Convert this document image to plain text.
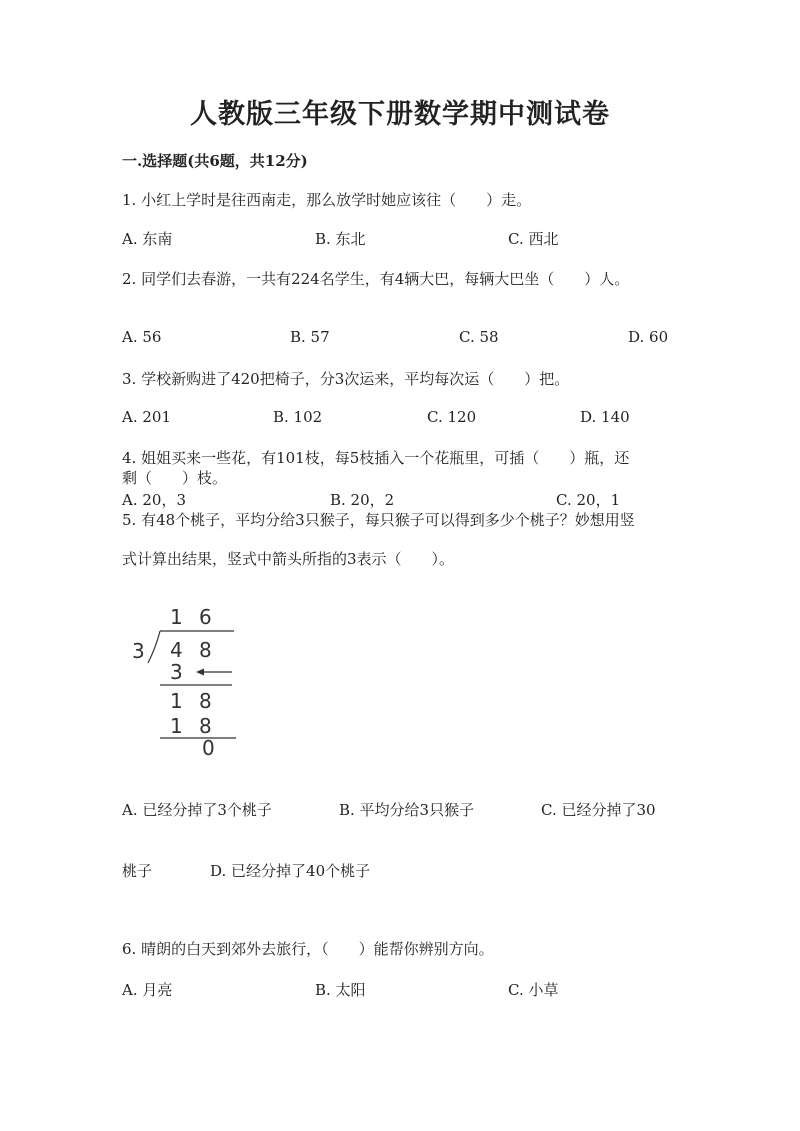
人教版三年级下册数学期中测试卷
一.选择题(共6题，共12分)
1. 小红上学时是往西南走，那么放学时她应该往（　　）走。
A. 东南	B. 东北	C. 西北
2. 同学们去春游，一共有224名学生，有4辆大巴，每辆大巴坐（　　）人。
A. 56	B. 57	C. 58	D. 60
3. 学校新购进了420把椅子，分3次运来，平均每次运（　　）把。
A. 201	B. 102	C. 120	D. 140
4. 姐姐买来一些花，有101枝，每5枝插入一个花瓶里，可插（　　）瓶，还
剩（　　）枝。
A. 20，3	B. 20，2	C. 20，1
5. 有48个桃子，平均分给3只猴子，每只猴子可以得到多少个桃子？妙想用竖
式计算出结果，竖式中箭头所指的3表示（　　）。
1 6
3 4 8
3
1 8
1 8
0
A. 已经分掉了3个桃子	B. 平均分给3只猴子	C. 已经分掉了30
桃子	D. 已经分掉了40个桃子
6. 晴朗的白天到郊外去旅行，（　　）能帮你辨别方向。
A. 月亮	B. 太阳	C. 小草
